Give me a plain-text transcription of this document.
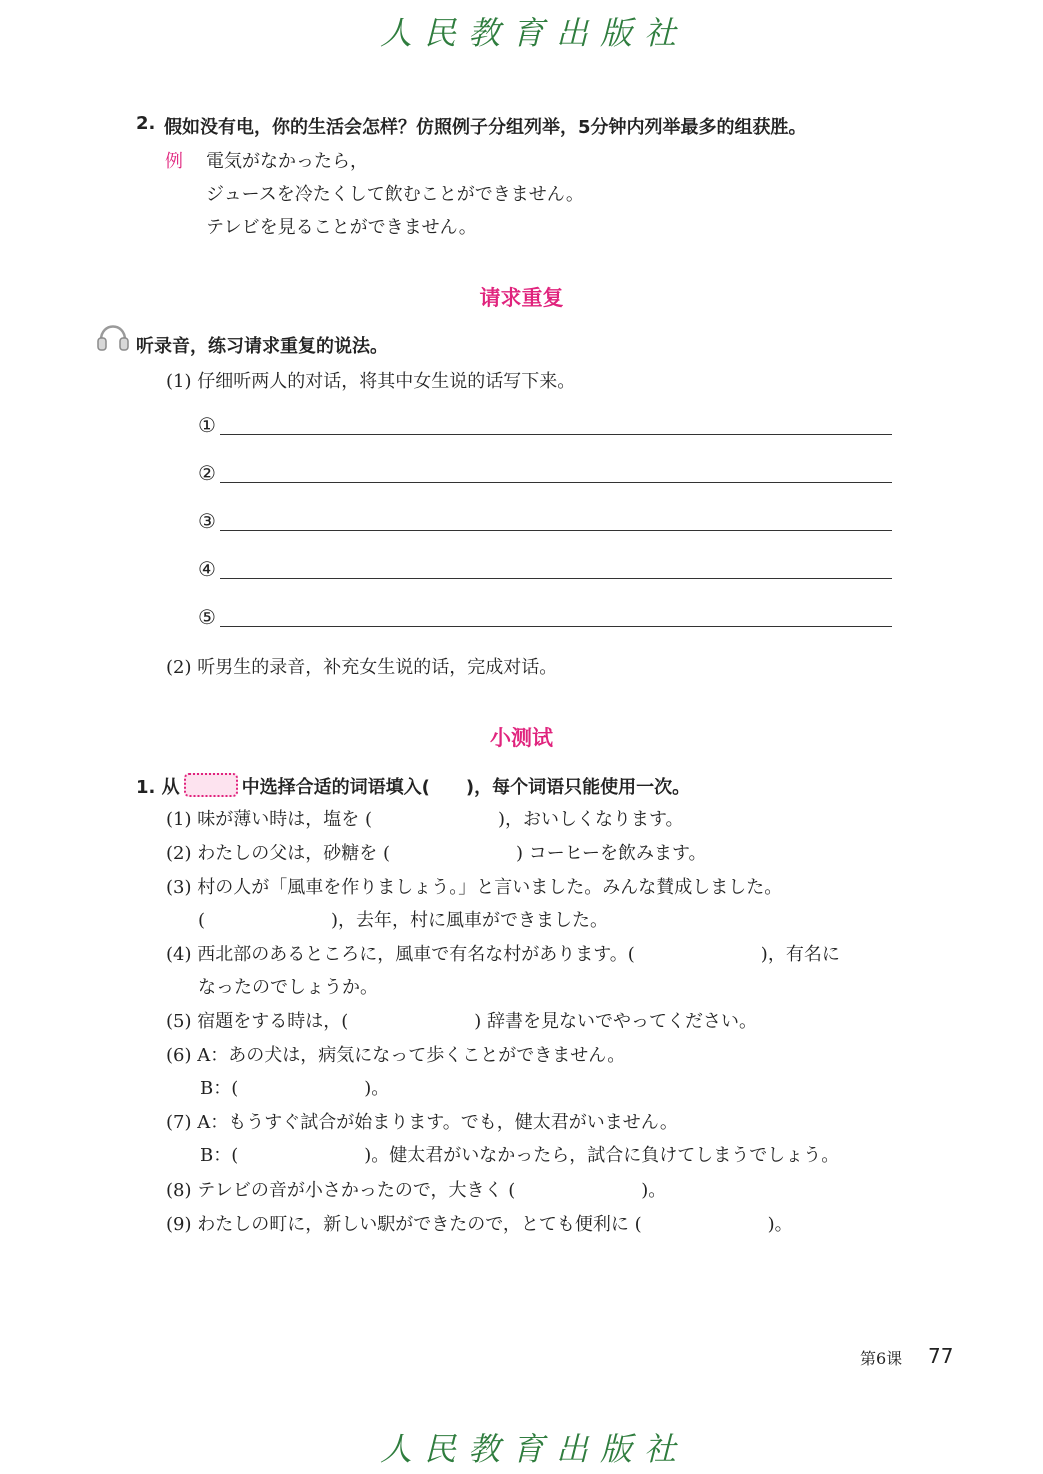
人民教育出版社
2. 假如没有电，你的生活会怎样？仿照例子分组列举，5分钟内列举最多的组获胜。
例 電気がなかったら，
ジュースを冷たくして飲むことができません。
テレビを見ることができません。
请求重复
听录音，练习请求重复的说法。
(1) 仔细听两人的对话，将其中女生说的话写下来。
①
②
③
④
⑤
(2) 听男生的录音，补充女生说的话，完成对话。
小测试
1. 从	中选择合适的词语填入(　　)，每个词语只能使用一次。
(1) 味が薄い時は，塩を (　　　　　　　)，おいしくなります。
(2) わたしの父は，砂糖を (　　　　　　　) コーヒーを飲みます。
(3) 村の人が「風車を作りましょう。」と言いました。みんな賛成しました。
(　　　　　　　)，去年，村に風車ができました。
(4) 西北部のあるところに，風車で有名な村があります。(　　　　　　　)，有名に
なったのでしょうか。
(5) 宿題をする時は，(　　　　　　　) 辞書を見ないでやってください。
(6) A：あの犬は，病気になって歩くことができません。
B：(　　　　　　　)。
(7) A：もうすぐ試合が始まります。でも，健太君がいません。
B：(　　　　　　　)。健太君がいなかったら，試合に負けてしまうでしょう。
(8) テレビの音が小さかったので，大きく (　　　　　　　)。
(9) わたしの町に，新しい駅ができたので，とても便利に (　　　　　　　)。
第6课 77
人民教育出版社
